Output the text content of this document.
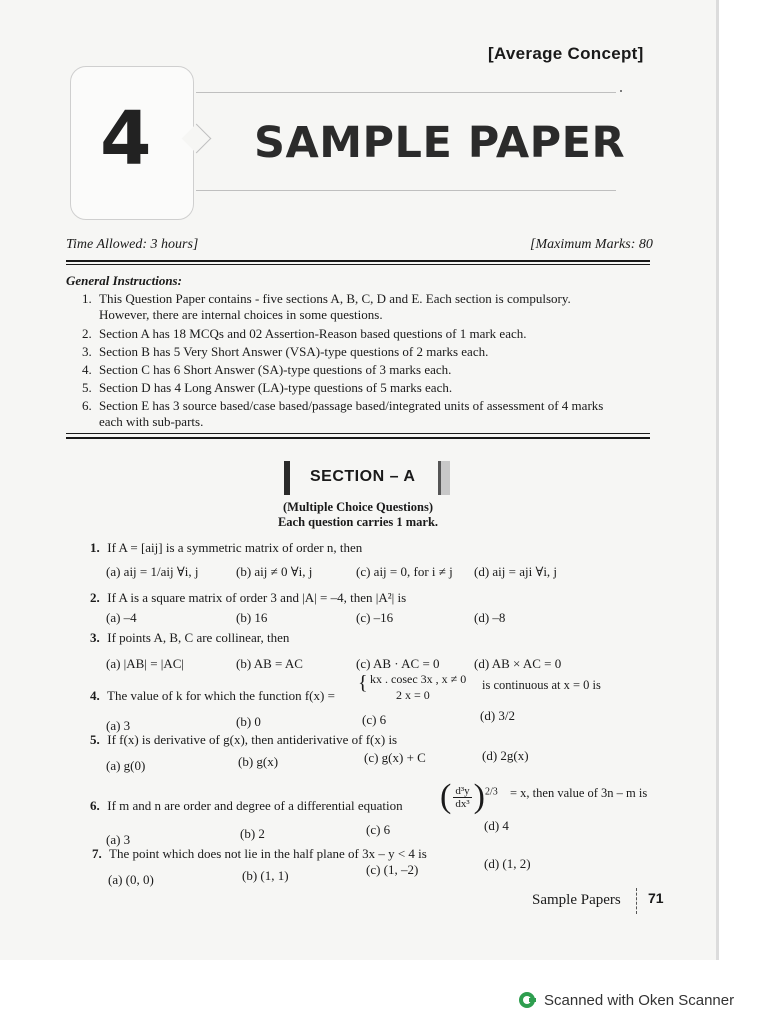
[Average Concept]
4 SAMPLE PAPER
Time Allowed: 3 hours]	[Maximum Marks: 80
General Instructions:
1. This Question Paper contains - five sections A, B, C, D and E. Each section is compulsory.
However, there are internal choices in some questions.
2. Section A has 18 MCQs and 02 Assertion-Reason based questions of 1 mark each.
3. Section B has 5 Very Short Answer (VSA)-type questions of 2 marks each.
4. Section C has 6 Short Answer (SA)-type questions of 3 marks each.
5. Section D has 4 Long Answer (LA)-type questions of 5 marks each.
6. Section E has 3 source based/case based/passage based/integrated units of assessment of 4 marks
each with sub-parts.
SECTION – A
(Multiple Choice Questions)
Each question carries 1 mark.
1. If A = [aij] is a symmetric matrix of order n, then
(a) aij = 1/aij ∀i, j	(b) aij ≠ 0 ∀i, j	(c) aij = 0, for i ≠ j (d) aij = aji ∀i, j
2. If A is a square matrix of order 3 and |A| = –4, then |A²| is
(a) –4	(b) 16	(c) –16	(d) –8
3. If points A, B, C are collinear, then
(a) |AB| = |AC|	(b) AB = AC	(c) AB · AC = 0	(d) AB × AC = 0
4. The value of k for which the function f(x) =
{ kx . cosec 3x , x ≠ 0
2 x = 0
is continuous at x = 0 is
(a) 3	(b) 0	(c) 6	(d) 3/2
5. If f(x) is derivative of g(x), then antiderivative of f(x) is
(a) g(0)	(b) g(x)	(c) g(x) + C	(d) 2g(x)
6. If m and n are order and degree of a differential equation ( $\frac{\text{d³y}}{\text{dx³}} )^{2/3} = x$, then value of 3n – m is
(a) 3	(b) 2	(c) 6	(d) 4
7. The point which does not lie in the half plane of 3x – y < 4 is
(a) (0, 0)	(b) (1, 1)	(c) (1, –2)	(d) (1, 2)
Sample Papers 71
Scanned with Oken Scanner
